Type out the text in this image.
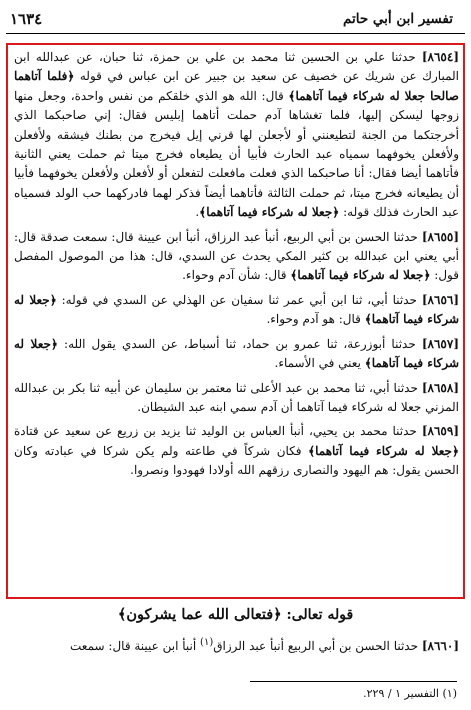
١٦٣٤	تفسير ابن أبي حاتم

[٨٦٥٤] حدثنا علي بن الحسين ثنا محمد بن علي بن حمزة، ثنا حبان، عن عبدالله ابن المبارك عن شريك عن خصيف عن سعيد بن جبير عن ابن عباس في قوله ﴿فلما آتاهما صالحا جعلا له شركاء فيما آتاهما﴾ قال: الله هو الذي خلقكم من نفس واحدة، وجعل منها زوجها ليسكن إليها، فلما تغشاها آدم حملت أتاهما إبليس فقال: إني صاحبكما الذي أخرجتكما من الجنة لتطيعنني أو لأجعلن لها قرني إيل فيخرج من بطنك فيشقه ولأفعلن ولأفعلن يخوفهما سمياه عبد الحارث فأبيا أن يطيعاه فخرج ميتا ثم حملت يعني الثانية فأتاهما أيضا فقال: أنا صاحبكما الذي فعلت مافعلت لتفعلن أو لأفعلن ولأفعلن يخوفهما فأبيا أن يطيعانه فخرج ميتا، ثم حملت الثالثة فأتاهما أيضاً فذكر لهما فادركهما حب الولد فسمياه عبد الحارث فذلك قوله: ﴿جعلا له شركاء فيما آتاهما﴾.

[٨٦٥٥] حدثنا الحسن بن أبي الربيع، أنبأ عبد الرزاق، أنبأ ابن عيينة قال: سمعت صدقة قال: أبي يعني ابن عبدالله بن كثير المكي يحدث عن السدي، قال: هذا من الموصول المفصل قول: ﴿جعلا له شركاء فيما آتاهما﴾ قال: شأن آدم وحواء.

[٨٦٥٦] حدثنا أبي، ثنا ابن أبي عمر ثنا سفيان عن الهذلي عن السدي في قوله: ﴿جعلا له شركاء فيما آتاهما﴾ قال: هو آدم وحواء.

[٨٦٥٧] حدثنا أبوزرعة، ثنا عمرو بن حماد، ثنا أسباط، عن السدي يقول الله: ﴿جعلا له شركاء فيما آتاهما﴾ يعني في الأسماء.

[٨٦٥٨] حدثنا أبي، ثنا محمد بن عبد الأعلى ثنا معتمر بن سليمان عن أبيه ثنا بكر بن عبدالله المزني جعلا له شركاء فيما آتاهما أن آدم سمي ابنه عبد الشيطان.

[٨٦٥٩] حدثنا محمد بن يحيي، أنبأ العباس بن الوليد ثنا يزيد بن زريع عن سعيد عن قتادة ﴿جعلا له شركاء فيما آتاهما﴾ فكان شركاً في طاعته ولم يكن شركا في عبادته وكان الحسن يقول: هم اليهود والنصارى رزقهم الله أولادا فهودوا ونصروا.

قوله تعالى: ﴿فتعالى الله عما يشركون﴾
[٨٦٦٠] حدثنا الحسن بن أبي الربيع أنبأ عبد الرزاق$^{(١)}$ أنبأ ابن عيينة قال: سمعت
(١) التفسير ١ / ٢٢٩.
